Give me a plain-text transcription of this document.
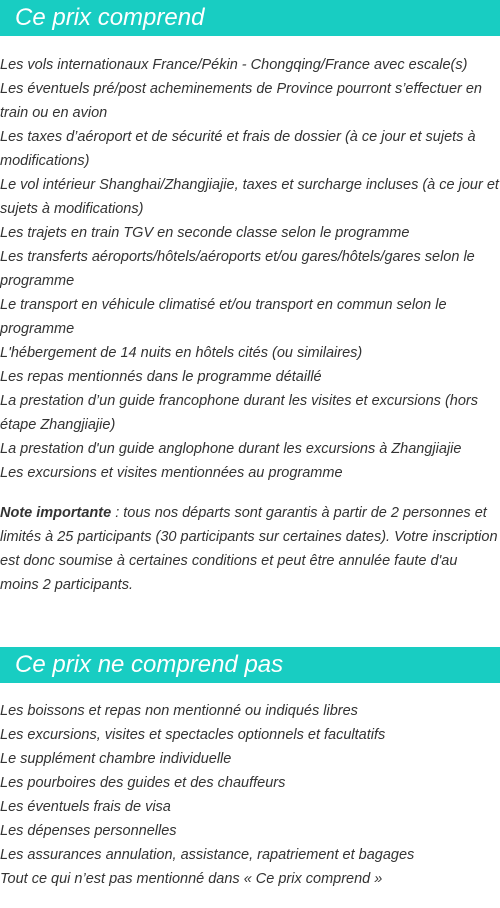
Ce prix comprend
Les vols internationaux France/Pékin - Chongqing/France avec escale(s)
Les éventuels pré/post acheminements de Province pourront s’effectuer en train ou en avion
Les taxes d’aéroport et de sécurité et frais de dossier (à ce jour et sujets à modifications)
Le vol intérieur Shanghai/Zhangjiajie, taxes et surcharge incluses (à ce jour et sujets à modifications)
Les trajets en train TGV en seconde classe selon le programme
Les transferts aéroports/hôtels/aéroports et/ou gares/hôtels/gares selon le programme
Le transport en véhicule climatisé et/ou transport en commun selon le programme
L'hébergement de 14 nuits en hôtels cités (ou similaires)
Les repas mentionnés dans le programme détaillé
La prestation d’un guide francophone durant les visites et excursions (hors étape Zhangjiajie)
La prestation d'un guide anglophone durant les excursions à Zhangjiajie
Les excursions et visites mentionnées au programme

Note importante : tous nos départs sont garantis à partir de 2 personnes et limités à 25 participants (30 participants sur certaines dates). Votre inscription est donc soumise à certaines conditions et peut être annulée faute d'au moins 2 participants.

Ce prix ne comprend pas
Les boissons et repas non mentionné ou indiqués libres
Les excursions, visites et spectacles optionnels et facultatifs
Le supplément chambre individuelle
Les pourboires des guides et des chauffeurs
Les éventuels frais de visa
Les dépenses personnelles
Les assurances annulation, assistance, rapatriement et bagages
Tout ce qui n’est pas mentionné dans « Ce prix comprend »
